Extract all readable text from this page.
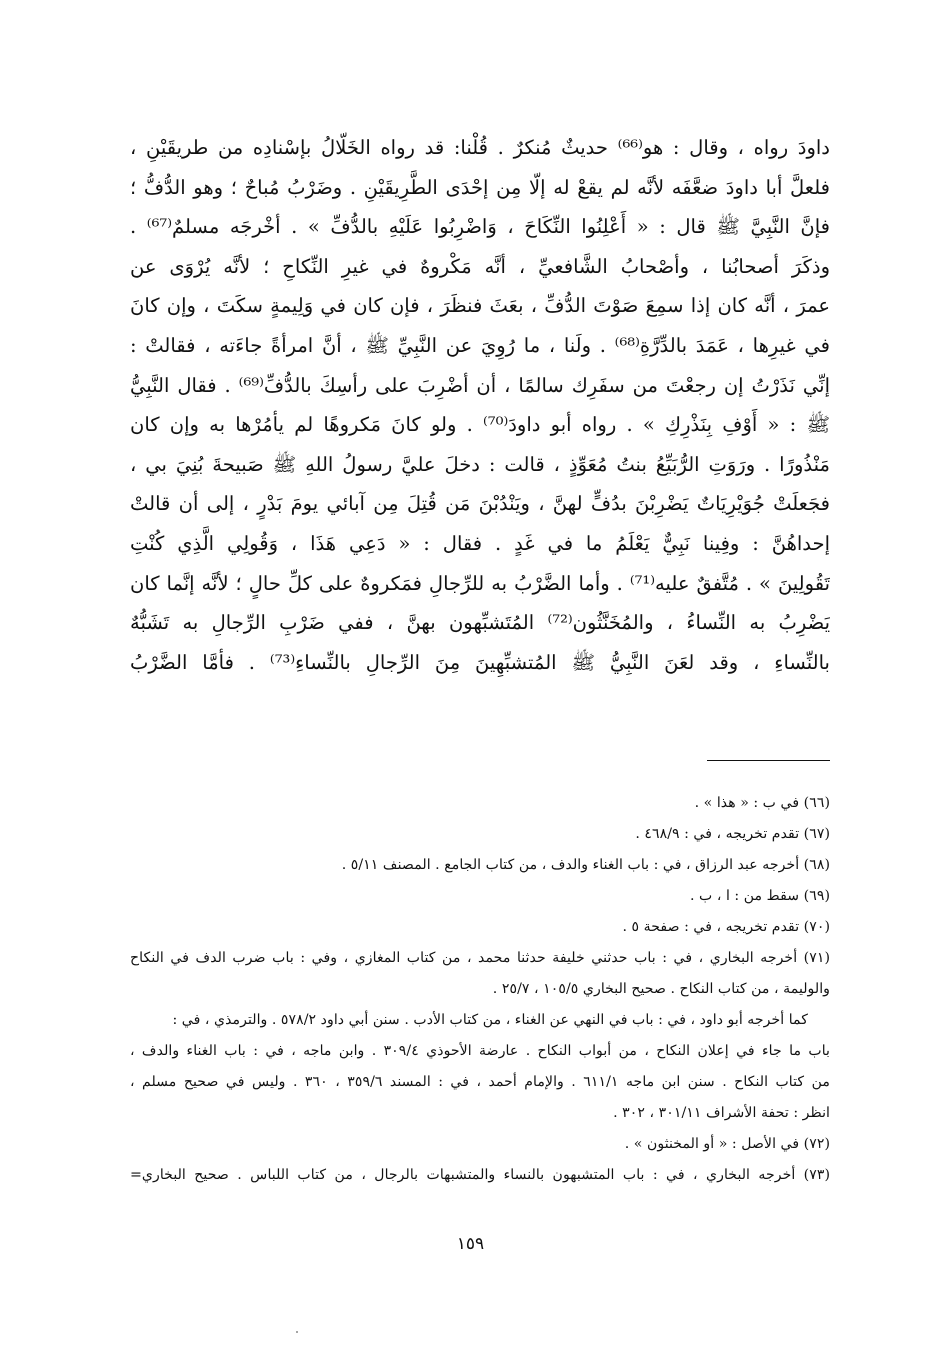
داودَ رواه ، وقال : هو⁽⁶⁶⁾ حديثٌ مُنكرٌ . قُلْنا: قد رواه الخَلّالُ بإسْنادِه من طريقَيْنِ ،
فلعلَّ أبا داودَ ضعَّفَه لأنَّه لم يقعْ له إلّا مِن إحْدَى الطَّرِيقَيْنِ . وضَرْبُ مُباحٌ ؛ وهو الدُّفُّ ؛
فإنَّ النَّبِيَّ ﷺ قال : « أَعْلِنُوا النِّكَاحَ ، وَاضْرِبُوا عَلَيْهِ بالدُّفِّ » . أخْرجَه مسلمٌ⁽⁶⁷⁾ .
وذكَرَ أصحابُنا ، وأصْحابُ الشَّافعيِّ ، أنَّه مَكْروهٌ في غيرِ النِّكاحِ ؛ لأنَّه يُرْوَى عن
عمرَ ، أنَّه كان إذا سمِعَ صَوْتَ الدُّفِّ ، بعَثَ فنظَرَ ، فإن كان في وَلِيمةٍ سكَتَ ، وإن كانَ
في غيرِها ، عَمَدَ بالدِّرَّةِ⁽⁶⁸⁾ . ولَنا ، ما رُوِيَ عن النَّبِيِّ ﷺ ، أنَّ امرأةً جاءَته ، فقالتْ :
إنِّي نَذَرْتُ إن رجعْتَ من سفَرِك سالمًا ، أن أضْرِبَ على رأسِكَ بالدُّفِّ⁽⁶⁹⁾ . فقال النَّبِيُّ
ﷺ : « أَوْفِ بِنَذْرِكِ » . رواه أبو داودَ⁽⁷⁰⁾ . ولو كانَ مَكروهًا لم يأمُرْها به وإن كان
مَنْذُورًا . ورَوَتِ الرُّبَيِّعُ بنتُ مُعَوِّذٍ ، قالت : دخلَ عليَّ رسولُ اللهِ ﷺ صَبيحةَ بُنِيَ بي ،
فجَعلَتْ جُوَيْرِيَاتٌ يَضْرِبْنَ بدُفٍّ لهنَّ ، ويَنْدُبْنَ مَن قُتِلَ مِن آبائي يومَ بَدْرٍ ، إلى أن قالتْ
إحداهُنَّ : وفِينا نَبِيٌّ يَعْلَمُ ما في غَدٍ . فقال : « دَعِي هَذَا ، وَقُولِي الَّذِي كُنْتِ
تَقُولِينَ » . مُتَّفقٌ عليه⁽⁷¹⁾ . وأما الضَّرْبُ به للرِّجالِ فمَكروهٌ على كلِّ حالٍ ؛ لأنَّه إنَّما كان
يَضْرِبُ به النِّساءُ ، والمُخَنَّثُون⁽⁷²⁾ المُتَشبِّهون بهنَّ ، ففي ضَرْبِ الرِّجالِ به تَشَبُّهٌ
بالنِّساءِ ، وقد لعَنَ النَّبِيُّ ﷺ المُتشبِّهِينَ مِنَ الرِّجالِ بالنِّساءِ⁽⁷³⁾ . فأمَّا الضَّرْبُ
(٦٦) في ب : « هذا » .
(٦٧) تقدم تخريجه ، في : ٤٦٨/٩ .
(٦٨) أخرجه عبد الرزاق ، في : باب الغناء والدف ، من كتاب الجامع . المصنف ٥/١١ .
(٦٩) سقط من : ا ، ب .
(٧٠) تقدم تخريجه ، في : صفحة ٥ .
(٧١) أخرجه البخاري ، في : باب حدثني خليفة حدثنا محمد ، من كتاب المغازي ، وفي : باب ضرب الدف في النكاح
والوليمة ، من كتاب النكاح . صحيح البخاري ١٠٥/٥ ، ٢٥/٧ .
كما أخرجه أبو داود ، في : باب في النهي عن الغناء ، من كتاب الأدب . سنن أبي داود ٥٧٨/٢ . والترمذي ، في :
باب ما جاء في إعلان النكاح ، من أبواب النكاح . عارضة الأحوذي ٣٠٩/٤ . وابن ماجه ، في : باب الغناء والدف ،
من كتاب النكاح . سنن ابن ماجه ٦١١/١ . والإمام أحمد ، في : المسند ٣٥٩/٦ ، ٣٦٠ . وليس في صحيح مسلم ،
انظر : تحفة الأشراف ٣٠١/١١ ، ٣٠٢ .
(٧٢) في الأصل : « أو المخنثون » .
(٧٣) أخرجه البخاري ، في : باب المتشبهون بالنساء والمتشبهات بالرجال ، من كتاب اللباس . صحيح البخاري=
١٥٩
